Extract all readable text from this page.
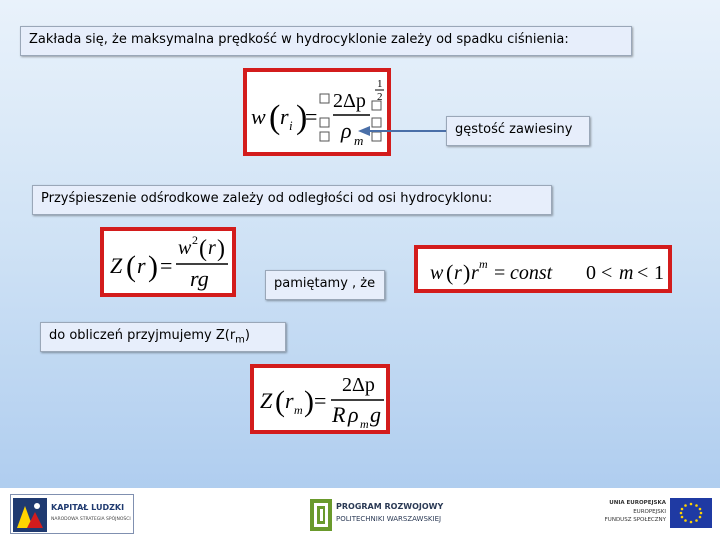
Zakłada się, że maksymalna prędkość w hydrocyklonie zależy od spadku ciśnienia:
w ( r i )
=
2Δp
ρ m
1
2
gęstość zawiesiny
Przyśpieszenie odśrodkowe zależy od odległości od osi hydrocyklonu:
Z ( r ) =
w 2 ( r )
rg	pamiętamy , że	w ( r ) r m = const 0 < m < 1
do obliczeń przyjmujemy $Z(r_m)$
Z ( r m ) =
2Δp
R ρ m g
KAPITAŁ LUDZKI
NARODOWA STRATEGIA SPÓJNOŚCI
PROGRAM ROZWOJOWY
POLITECHNIKI WARSZAWSKIEJ
UNIA EUROPEJSKA
EUROPEJSKI
FUNDUSZ SPOŁECZNY
